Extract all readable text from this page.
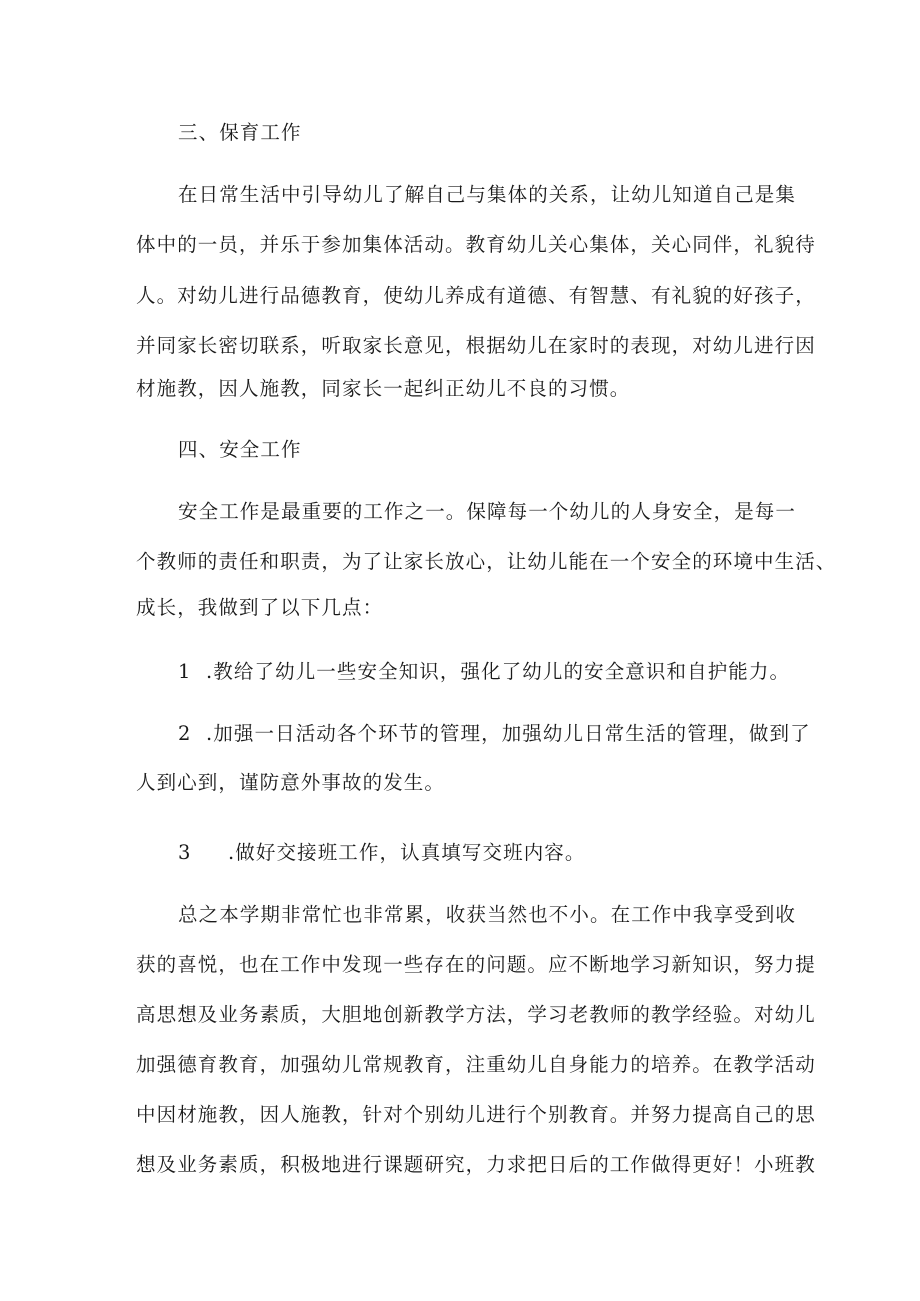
三、保育工作
在日常生活中引导幼儿了解自己与集体的关系，让幼儿知道自己是集
体中的一员，并乐于参加集体活动。教育幼儿关心集体，关心同伴，礼貌待
人。对幼儿进行品德教育，使幼儿养成有道德、有智慧、有礼貌的好孩子，
并同家长密切联系，听取家长意见，根据幼儿在家时的表现，对幼儿进行因
材施教，因人施教，同家长一起纠正幼儿不良的习惯。
四、安全工作
安全工作是最重要的工作之一。保障每一个幼儿的人身安全，是每一
个教师的责任和职责，为了让家长放心，让幼儿能在一个安全的环境中生活、
成长，我做到了以下几点：
1 .教给了幼儿一些安全知识，强化了幼儿的安全意识和自护能力。
2 .加强一日活动各个环节的管理，加强幼儿日常生活的管理，做到了
人到心到，谨防意外事故的发生。
3 .做好交接班工作，认真填写交班内容。
总之本学期非常忙也非常累，收获当然也不小。在工作中我享受到收
获的喜悦，也在工作中发现一些存在的问题。应不断地学习新知识，努力提
高思想及业务素质，大胆地创新教学方法，学习老教师的教学经验。对幼儿
加强德育教育，加强幼儿常规教育，注重幼儿自身能力的培养。在教学活动
中因材施教，因人施教，针对个别幼儿进行个别教育。并努力提高自己的思
想及业务素质，积极地进行课题研究，力求把日后的工作做得更好！小班教
